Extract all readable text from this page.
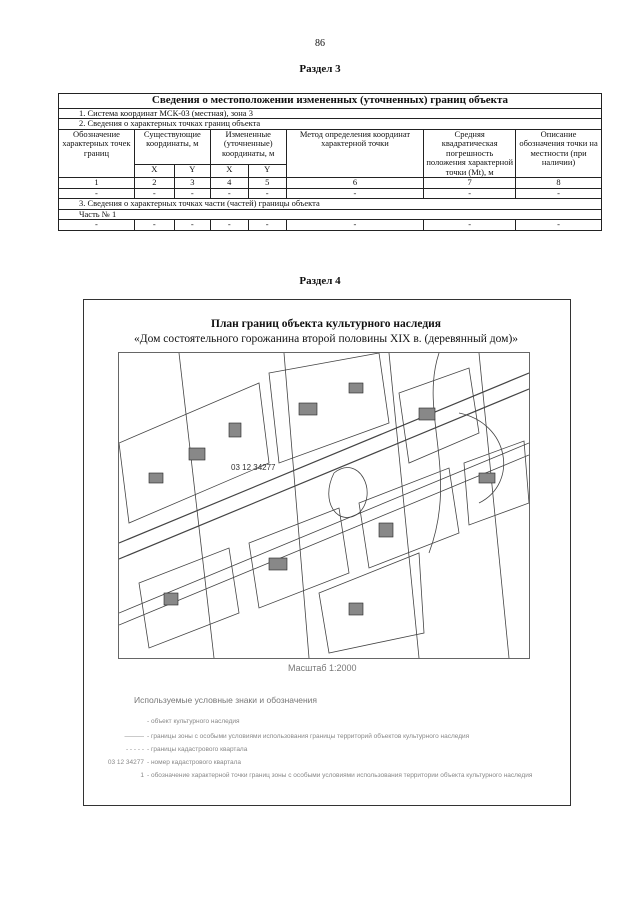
86
Раздел 3
Сведения о местоположении измененных (уточненных) границ объекта							
1. Система координат МСК-03 (местная), зона 3							
2. Сведения о характерных точках границ объекта							
Обозначение характерных точек границ	Существующие координаты, м		Измененные (уточненные) координаты, м		Метод определения координат характерной точки	Средняя квадратическая погрешность положения характерной точки (Mt), м	Описание обозначения точки на местности (при наличии)
	X	Y	X	Y			
1	2	3	4	5	6	7	8
-	-	-	-	-	-	-	-
3. Сведения о характерных точках части (частей) границы объекта							
Часть № 1							
-	-	-	-	-	-	-	-
Раздел 4
План границ объекта культурного наследия
«Дом состоятельного горожанина второй половины XIX в. (деревянный дом)»
03 12 34277
Масштаб 1:2000
Используемые условные знаки и обозначения
- объект культурного наследия
——— - границы зоны с особыми условиями использования границы территорий объектов культурного наследия
- - - - - - границы кадастрового квартала
03 12 34277 - номер кадастрового квартала
1 - обозначение характерной точки границ зоны с особыми условиями использования территории объекта культурного наследия
